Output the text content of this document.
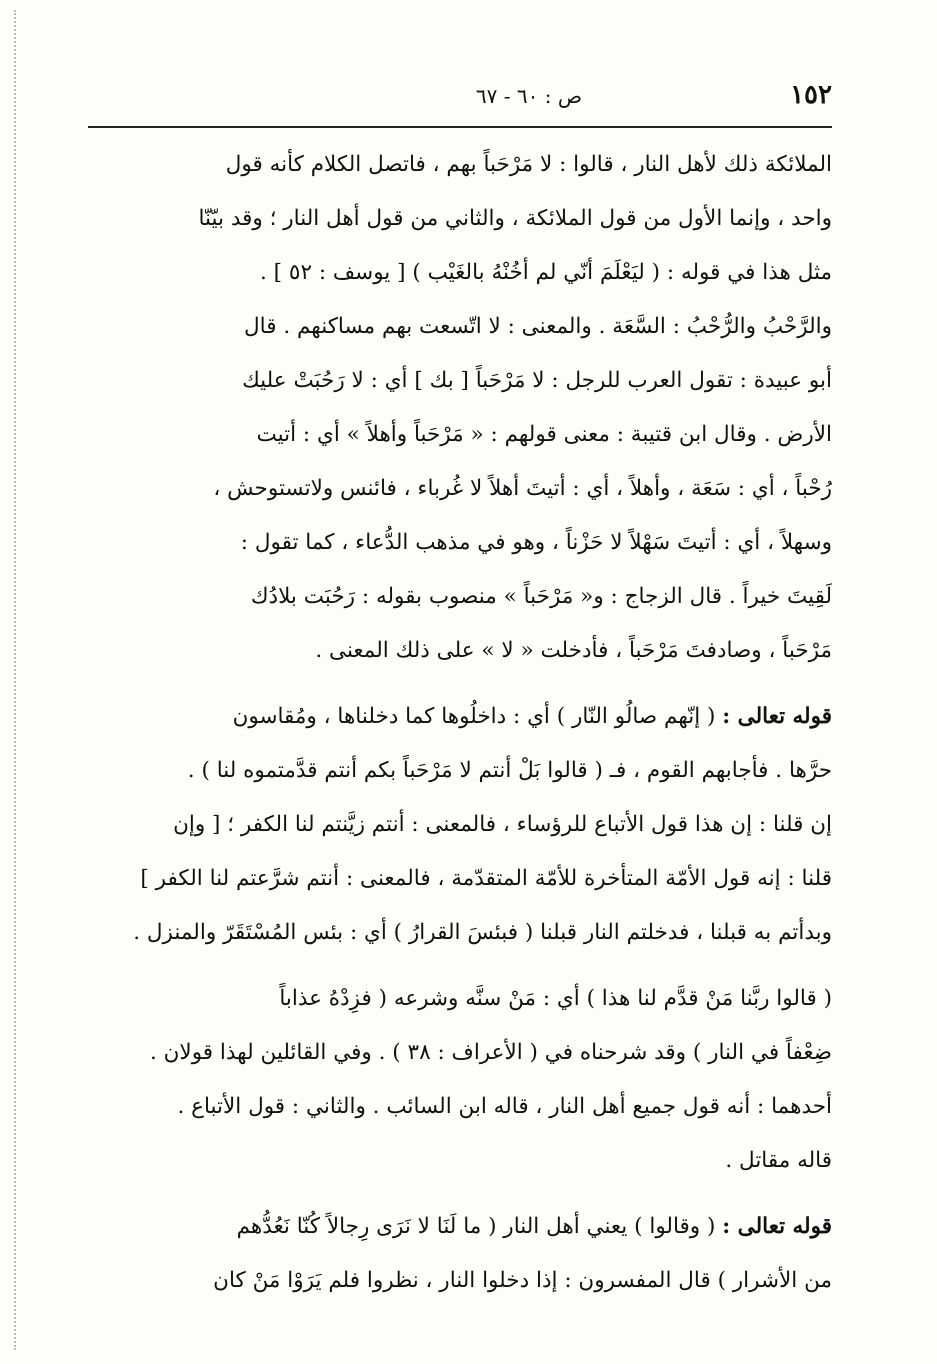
١٥٢
ص : ٦٠ - ٦٧
الملائكة ذلك لأهل النار ، قالوا : لا مَرْحَباً بهم ، فاتصل الكلام كأنه قول
واحد ، وإنما الأول من قول الملائكة ، والثاني من قول أهل النار ؛ وقد بيّنّا
مثل هذا في قوله : ( ليَعْلَمَ أنّي لم أخُنْهُ بالغَيْب ) [ يوسف : ٥٢ ] .
والرَّحْبُ والرُّحْبُ : السَّعَة . والمعنى : لا اتّسعت بهم مساكنهم . قال
أبو عبيدة : تقول العرب للرجل : لا مَرْحَباً [ بك ] أي : لا رَحُبَتْ عليك
الأرض . وقال ابن قتيبة : معنى قولهم : « مَرْحَباً وأهلاً » أي : أتيت
رُحْباً ، أي : سَعَة ، وأهلاً ، أي : أتيتَ أهلاً لا غُرباء ، فائنس ولاتستوحش ،
وسهلاً ، أي : أتيتَ سَهْلاً لا حَزْناً ، وهو في مذهب الدُّعاء ، كما تقول :
لَقِيتَ خيراً . قال الزجاج : و« مَرْحَباً » منصوب بقوله : رَحُبَت بلادُك
مَرْحَباً ، وصادفتَ مَرْحَباً ، فأدخلت « لا » على ذلك المعنى .
قوله تعالى : ( إنّهم صالُو النّار ) أي : داخلُوها كما دخلناها ، ومُقاسون
حرَّها . فأجابهم القوم ، فـ ( قالوا بَلْ أنتم لا مَرْحَباً بكم أنتم قدَّمتموه لنا ) .
إن قلنا : إن هذا قول الأتباع للرؤساء ، فالمعنى : أنتم زيَّنتم لنا الكفر ؛ [ وإن
قلنا : إنه قول الأمّة المتأخرة للأمّة المتقدّمة ، فالمعنى : أنتم شرَّعتم لنا الكفر ]
وبدأتم به قبلنا ، فدخلتم النار قبلنا ( فبئسَ القرارُ ) أي : بئس المُسْتَقَرّ والمنزل .
( قالوا ربَّنا مَنْ قدَّم لنا هذا ) أي : مَنْ سنَّه وشرعه ( فزِدْهُ عذاباً
ضِعْفاً في النار ) وقد شرحناه في ( الأعراف : ٣٨ ) . وفي القائلين لهذا قولان .
أحدهما : أنه قول جميع أهل النار ، قاله ابن السائب . والثاني : قول الأتباع .
قاله مقاتل .
قوله تعالى : ( وقالوا ) يعني أهل النار ( ما لَنَا لا نَرَى رِجالاً كُنّا نَعُدُّهم
من الأشرار ) قال المفسرون : إذا دخلوا النار ، نظروا فلم يَرَوْا مَنْ كان
